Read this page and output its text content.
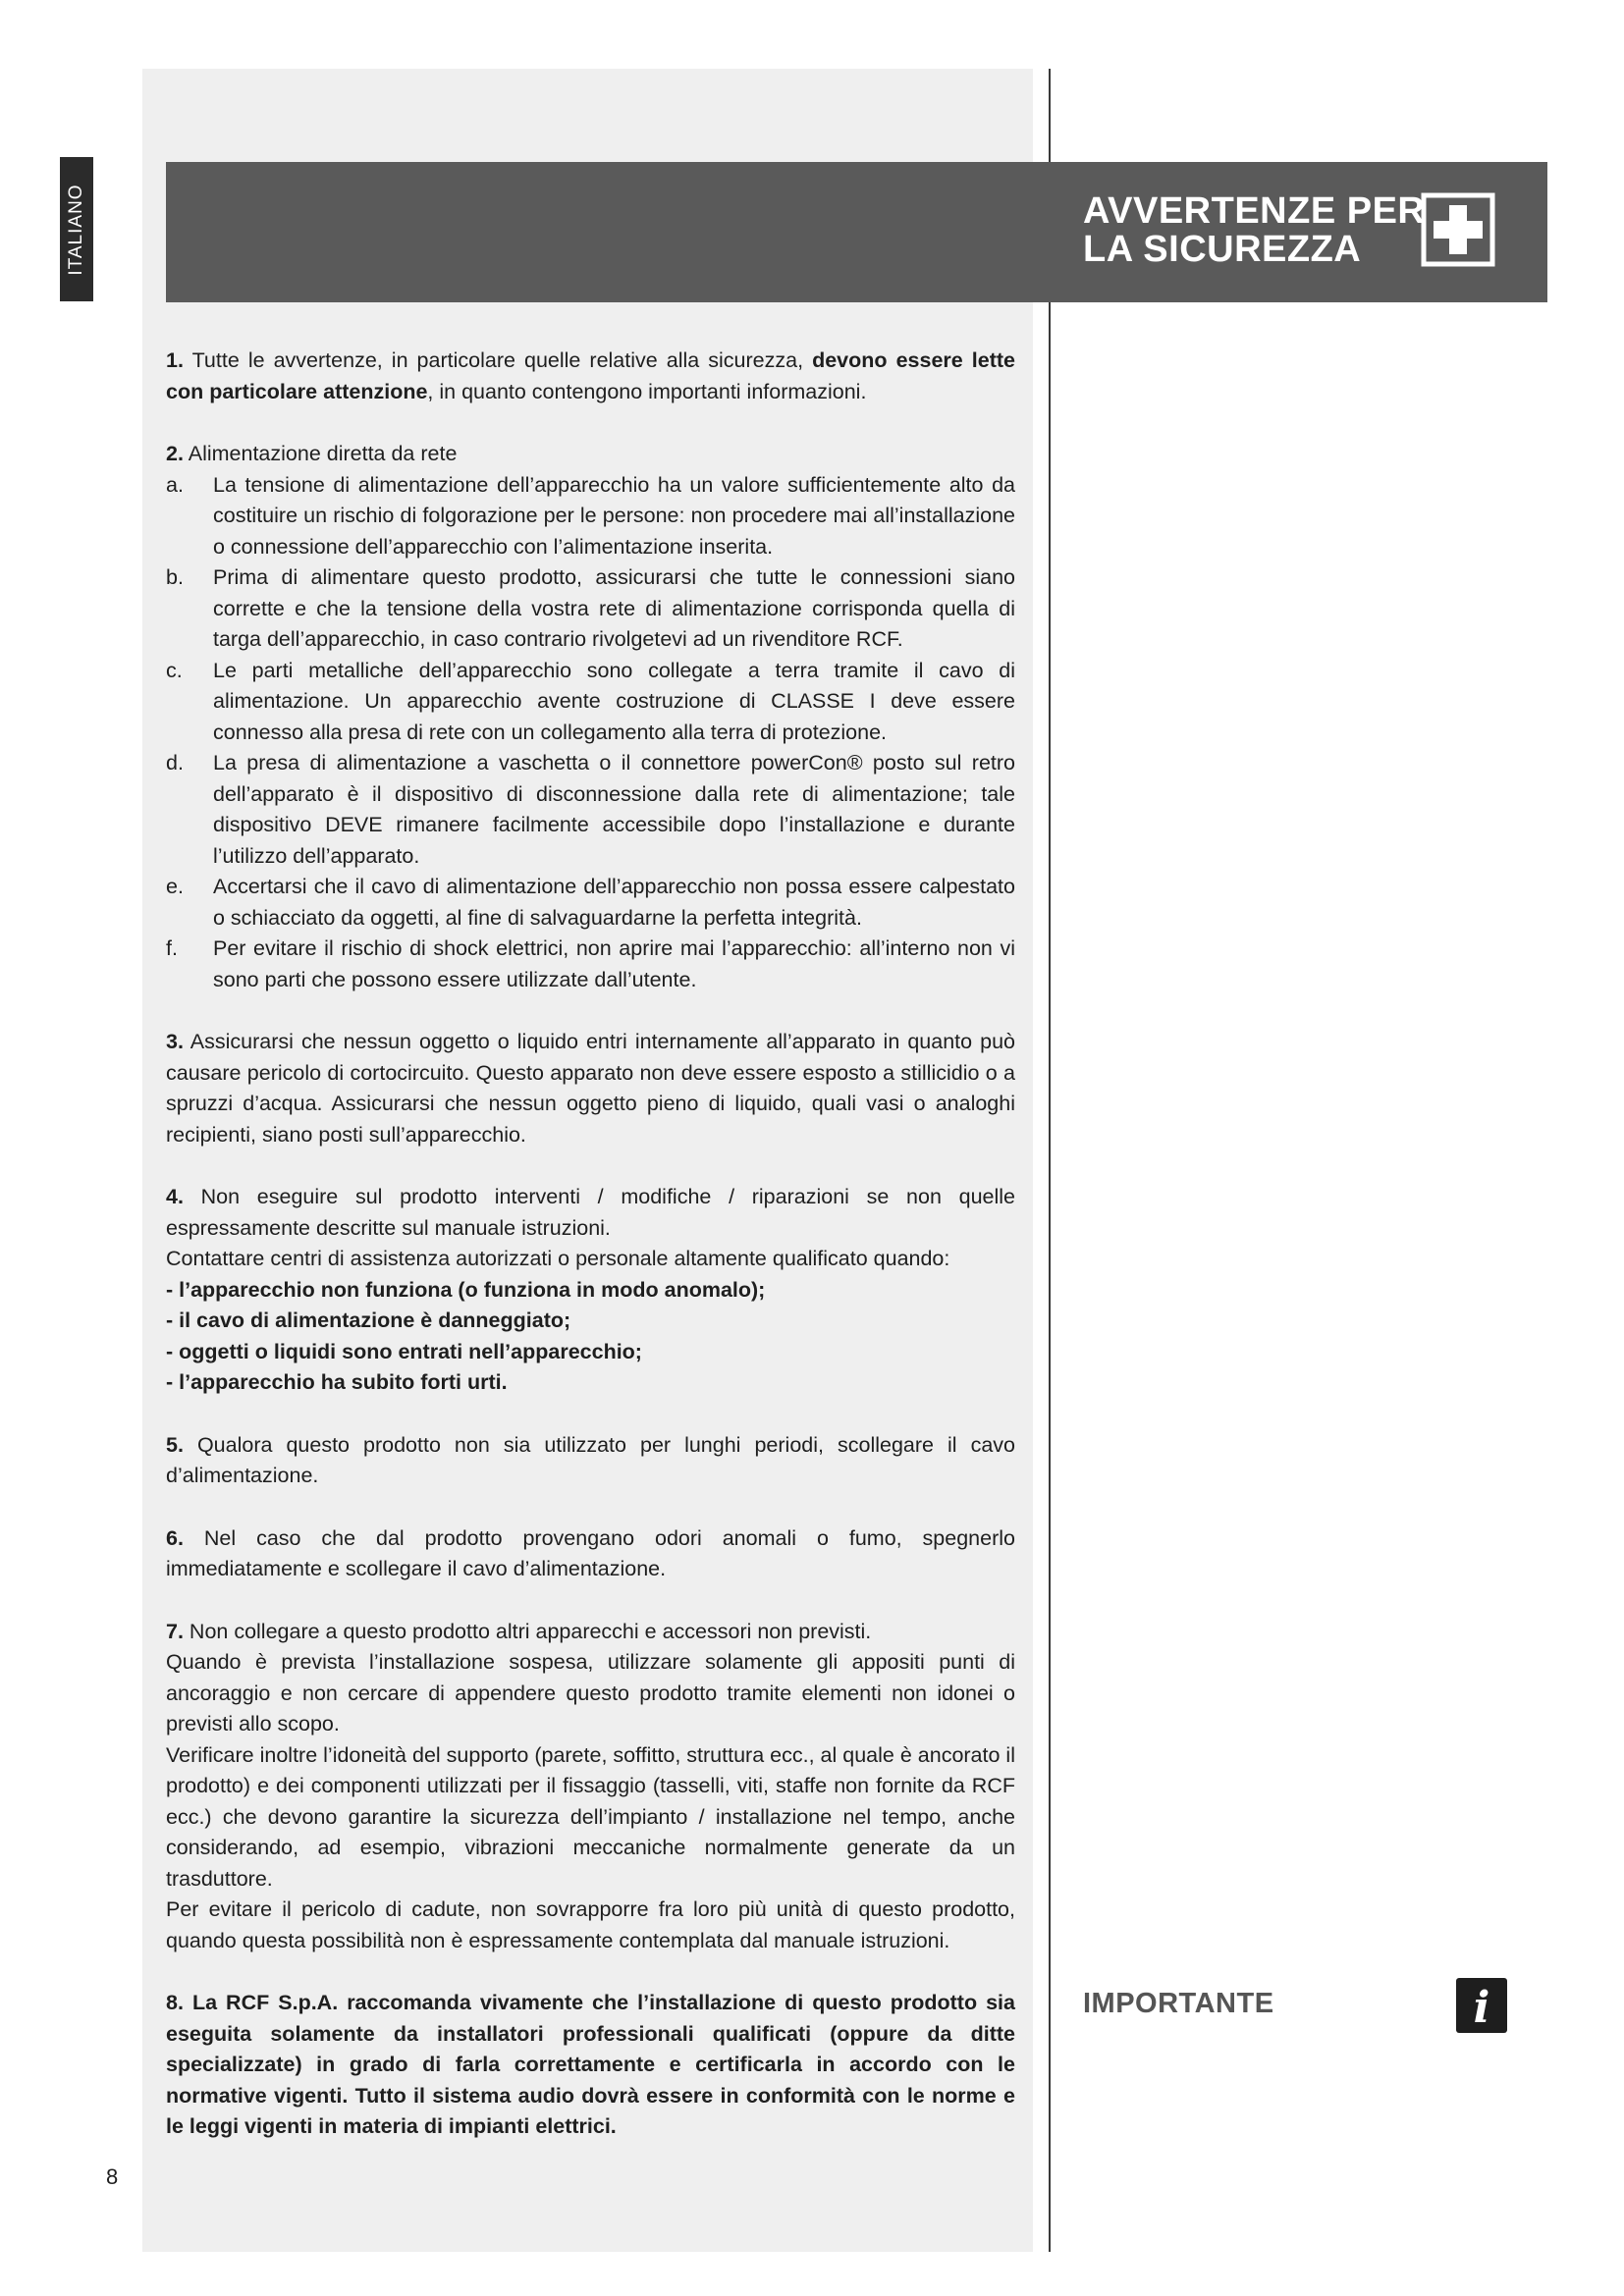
ITALIANO	AVVERTENZE PER
LA SICUREZZA

1. Tutte le avvertenze, in particolare quelle relative alla sicurezza, devono essere lette con particolare attenzione, in quanto contengono importanti informazioni.

2. Alimentazione diretta da rete

a.	La tensione di alimentazione dell’apparecchio ha un valore sufficientemente alto da costituire un rischio di folgorazione per le persone: non procedere mai all’installazione o connessione dell’apparecchio con l’alimentazione inserita.
b.	Prima di alimentare questo prodotto, assicurarsi che tutte le connessioni siano corrette e che la tensione della vostra rete di alimentazione corrisponda quella di targa dell’apparecchio, in caso contrario rivolgetevi ad un rivenditore RCF.
c.	Le parti metalliche dell’apparecchio sono collegate a terra tramite il cavo di alimentazione. Un apparecchio avente costruzione di CLASSE I deve essere connesso alla presa di rete con un collegamento alla terra di protezione.
d.	La presa di alimentazione a vaschetta o il connettore powerCon® posto sul retro dell’apparato è il dispositivo di disconnessione dalla rete di alimentazione; tale dispositivo DEVE rimanere facilmente accessibile dopo l’installazione e durante l’utilizzo dell’apparato.
e.	Accertarsi che il cavo di alimentazione dell’apparecchio non possa essere calpestato o schiacciato da oggetti, al fine di salvaguardarne la perfetta integrità.
f.	Per evitare il rischio di shock elettrici, non aprire mai l’apparecchio: all’interno non vi sono parti che possono essere utilizzate dall’utente.

3. Assicurarsi che nessun oggetto o liquido entri internamente all’apparato in quanto può causare pericolo di cortocircuito. Questo apparato non deve essere esposto a stillicidio o a spruzzi d’acqua. Assicurarsi che nessun oggetto pieno di liquido, quali vasi o analoghi recipienti, siano posti sull’apparecchio.

4. Non eseguire sul prodotto interventi / modifiche / riparazioni se non quelle espressamente descritte sul manuale istruzioni.

Contattare centri di assistenza autorizzati o personale altamente qualificato quando:

- l’apparecchio non funziona (o funziona in modo anomalo);

- il cavo di alimentazione è danneggiato;

- oggetti o liquidi sono entrati nell’apparecchio;

- l’apparecchio ha subito forti urti.

5. Qualora questo prodotto non sia utilizzato per lunghi periodi, scollegare il cavo d’alimentazione.

6. Nel caso che dal prodotto provengano odori anomali o fumo, spegnerlo immediatamente e scollegare il cavo d’alimentazione.

7. Non collegare a questo prodotto altri apparecchi e accessori non previsti.

Quando è prevista l’installazione sospesa, utilizzare solamente gli appositi punti di ancoraggio e non cercare di appendere questo prodotto tramite elementi non idonei o previsti allo scopo.

Verificare inoltre l’idoneità del supporto (parete, soffitto, struttura ecc., al quale è ancorato il prodotto) e dei componenti utilizzati per il fissaggio (tasselli, viti, staffe non fornite da RCF ecc.) che devono garantire la sicurezza dell’impianto / installazione nel tempo, anche considerando, ad esempio, vibrazioni meccaniche normalmente generate da un trasduttore.

Per evitare il pericolo di cadute, non sovrapporre fra loro più unità di questo prodotto, quando questa possibilità non è espressamente contemplata dal manuale istruzioni.

8. La RCF S.p.A. raccomanda vivamente che l’installazione di questo prodotto sia eseguita solamente da installatori professionali qualificati (oppure da ditte specializzate) in grado di farla correttamente e certificarla in accordo con le normative vigenti. Tutto il sistema audio dovrà essere in conformità con le norme e le leggi vigenti in materia di impianti elettrici.

IMPORTANTE	i
8
